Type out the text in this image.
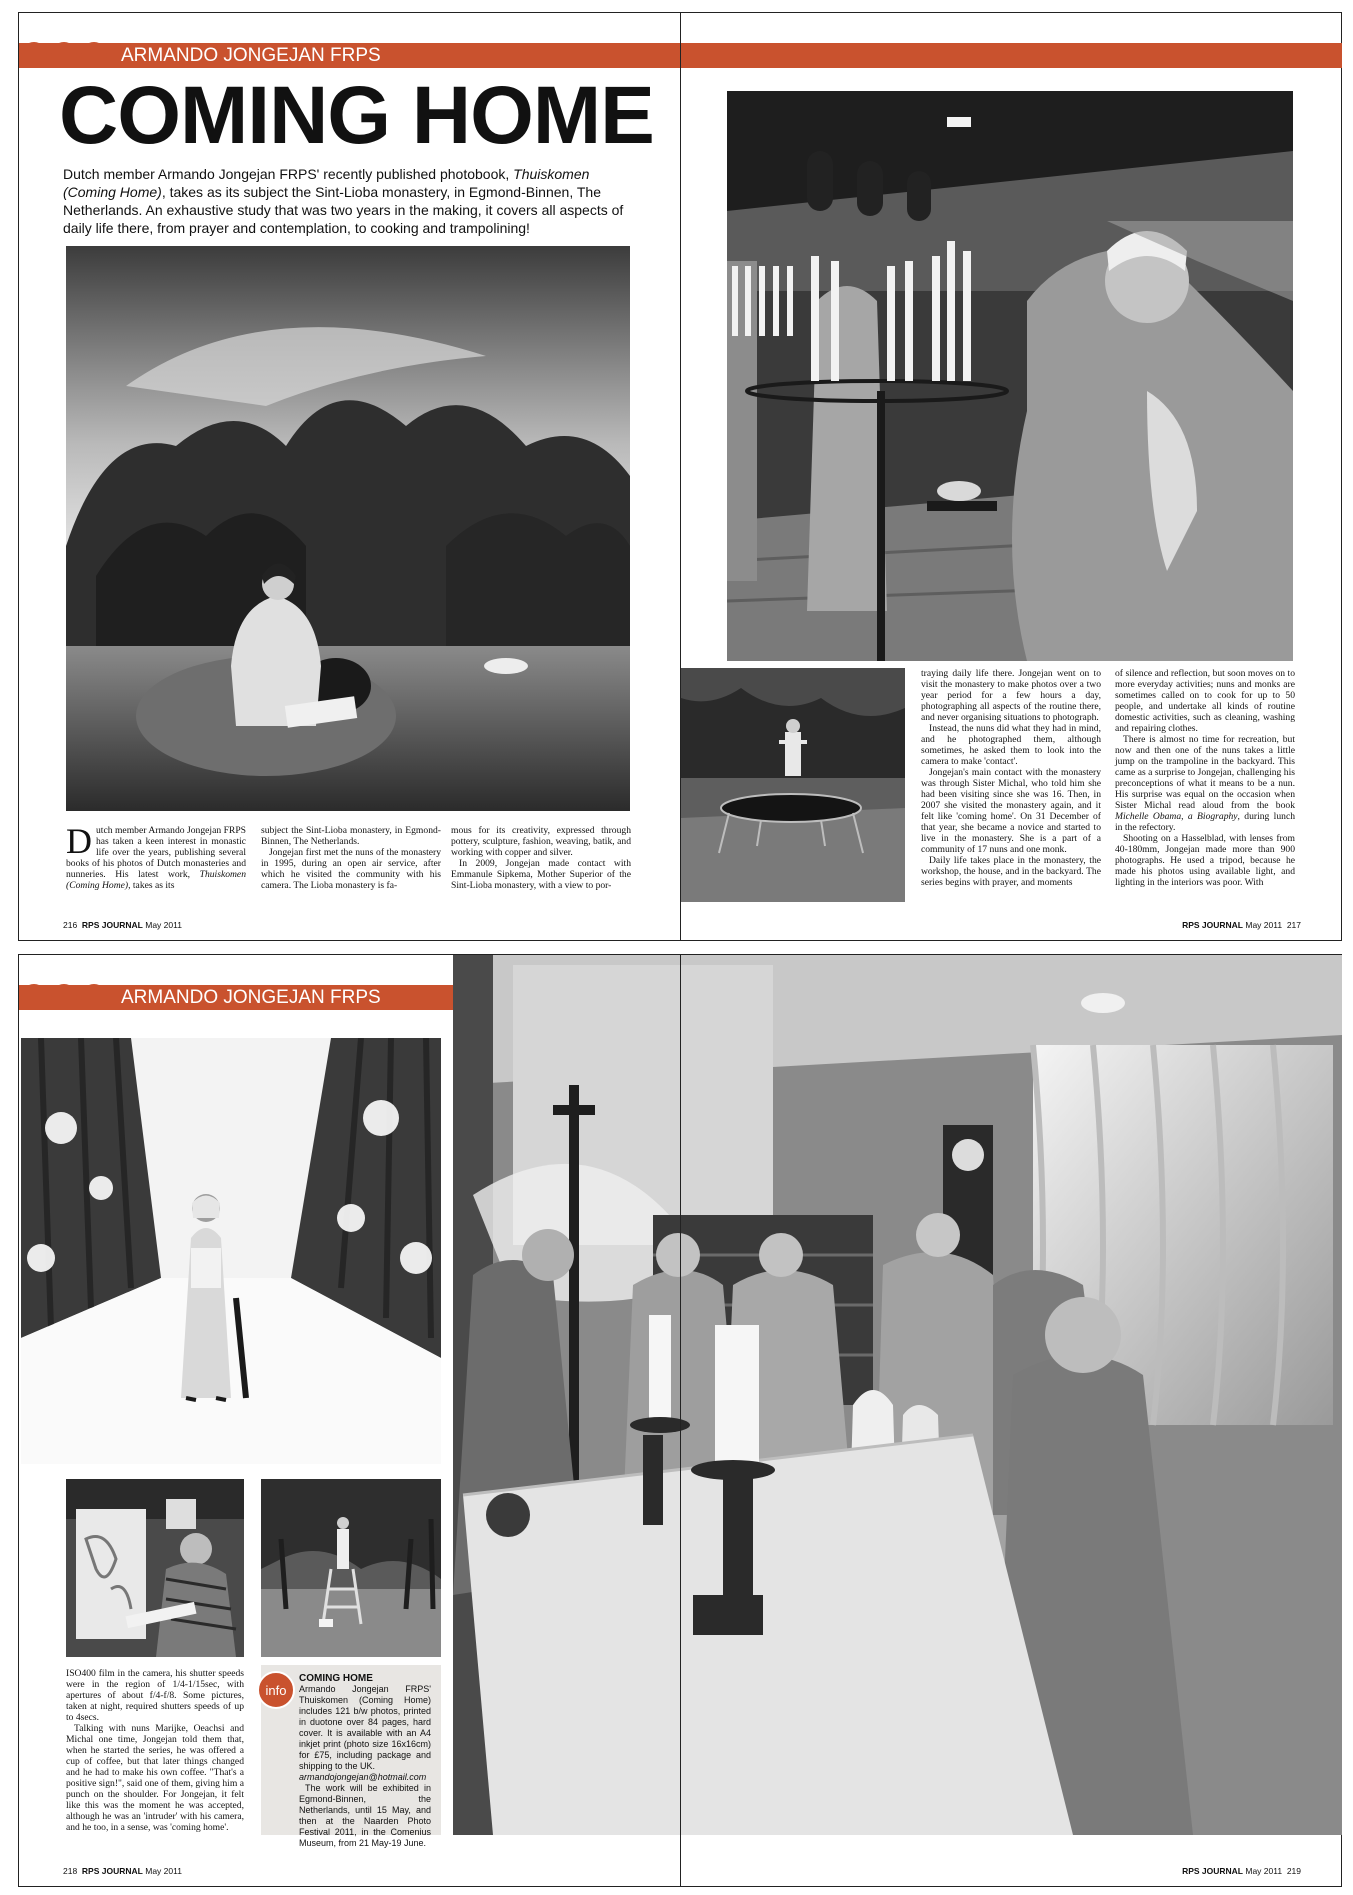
ARMANDO JONGEJAN FRPS
COMING HOME
Dutch member Armando Jongejan FRPS' recently published photobook, Thuiskomen (Coming Home), takes as its subject the Sint-Lioba monastery, in Egmond-Binnen, The Netherlands. An exhaustive study that was two years in the making, it covers all aspects of daily life there, from prayer and contemplation, to cooking and trampolining!

Dutch member Armando Jongejan FRPS has taken a keen interest in monastic life over the years, publishing several books of his photos of Dutch monasteries and nunneries. His latest work, Thuiskomen (Coming Home), takes as its

subject the Sint-Lioba monastery, in Egmond-Binnen, The Netherlands.

Jongejan first met the nuns of the monastery in 1995, during an open air service, after which he visited the community with his camera. The Lioba monastery is fa-

mous for its creativity, expressed through pottery, sculpture, fashion, weaving, batik, and working with copper and silver.

In 2009, Jongejan made contact with Emmanule Sipkema, Mother Superior of the Sint-Lioba monastery, with a view to por-

traying daily life there. Jongejan went on to visit the monastery to make photos over a two year period for a few hours a day, photographing all aspects of the routine there, and never organising situations to photograph.

Instead, the nuns did what they had in mind, and he photographed them, although sometimes, he asked them to look into the camera to make 'contact'.

Jongejan's main contact with the monastery was through Sister Michal, who told him she had been visiting since she was 16. Then, in 2007 she visited the monastery again, and it felt like 'coming home'. On 31 December of that year, she became a novice and started to live in the monastery. She is a part of a community of 17 nuns and one monk.

Daily life takes place in the monastery, the workshop, the house, and in the backyard. The series begins with prayer, and moments

of silence and reflection, but soon moves on to more everyday activities; nuns and monks are sometimes called on to cook for up to 50 people, and undertake all kinds of routine domestic activities, such as cleaning, washing and repairing clothes.

There is almost no time for recreation, but now and then one of the nuns takes a little jump on the trampoline in the backyard. This came as a surprise to Jongejan, challenging his preconceptions of what it means to be a nun. His surprise was equal on the occasion when Sister Michal read aloud from the book Michelle Obama, a Biography, during lunch in the refectory.

Shooting on a Hasselblad, with lenses from 40-180mm, Jongejan made more than 900 photographs. He used a tripod, because he made his photos using available light, and lighting in the interiors was poor. With

216 RPS JOURNAL May 2011	RPS JOURNAL May 2011 217
ARMANDO JONGEJAN FRPS

ISO400 film in the camera, his shutter speeds were in the region of 1/4-1/15sec, with apertures of about f/4-f/8. Some pictures, taken at night, required shutters speeds of up to 4secs.

Talking with nuns Marijke, Oeachsi and Michal one time, Jongejan told them that, when he started the series, he was offered a cup of coffee, but that later things changed and he had to make his own coffee. "That's a positive sign!", said one of them, giving him a punch on the shoulder. For Jongejan, it felt like this was the moment he was accepted, although he was an 'intruder' with his camera, and he too, in a sense, was 'coming home'.

info
COMING HOME

Armando Jongejan FRPS' Thuiskomen (Coming Home) includes 121 b/w photos, printed in duotone over 84 pages, hard cover. It is available with an A4 inkjet print (photo size 16x16cm) for £75, including package and shipping to the UK.

armandojongejan@hotmail.com

The work will be exhibited in Egmond-Binnen, the Netherlands, until 15 May, and then at the Naarden Photo Festival 2011, in the Comenius Museum, from 21 May-19 June.

218 RPS JOURNAL May 2011	RPS JOURNAL May 2011 219
